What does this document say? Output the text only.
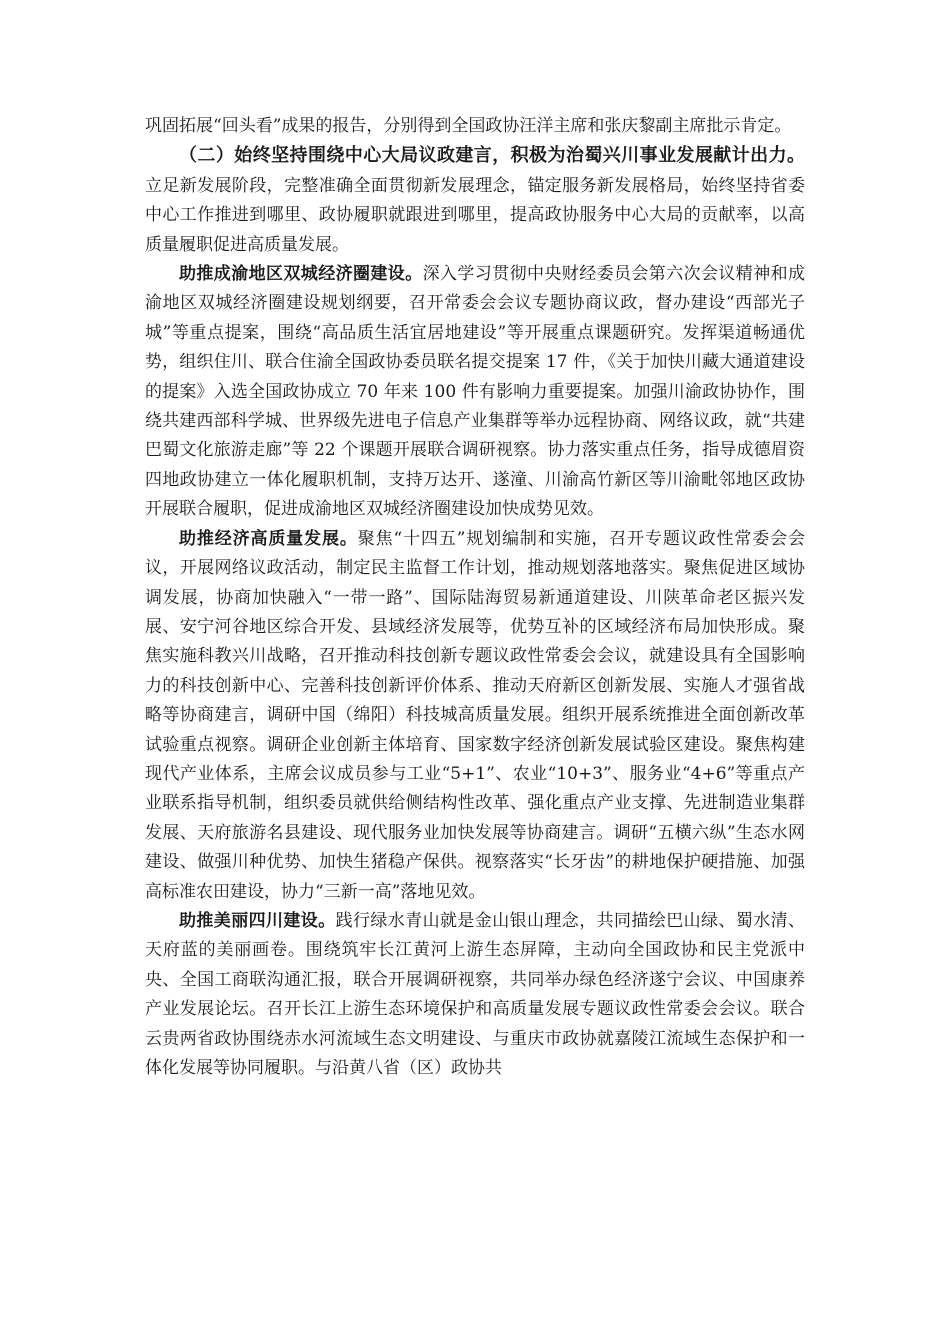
巩固拓展“回头看”成果的报告，分别得到全国政协汪洋主席和张庆黎副主席批示肯定。

（二）始终坚持围绕中心大局议政建言，积极为治蜀兴川事业发展献计出力。立足新发展阶段，完整准确全面贯彻新发展理念，锚定服务新发展格局，始终坚持省委中心工作推进到哪里、政协履职就跟进到哪里，提高政协服务中心大局的贡献率，以高质量履职促进高质量发展。

助推成渝地区双城经济圈建设。深入学习贯彻中央财经委员会第六次会议精神和成渝地区双城经济圈建设规划纲要，召开常委会会议专题协商议政，督办建设“西部光子城”等重点提案，围绕“高品质生活宜居地建设”等开展重点课题研究。发挥渠道畅通优势，组织住川、联合住渝全国政协委员联名提交提案 17 件，《关于加快川藏大通道建设的提案》入选全国政协成立 70 年来 100 件有影响力重要提案。加强川渝政协协作，围绕共建西部科学城、世界级先进电子信息产业集群等举办远程协商、网络议政，就“共建巴蜀文化旅游走廊”等 22 个课题开展联合调研视察。协力落实重点任务，指导成德眉资四地政协建立一体化履职机制，支持万达开、遂潼、川渝高竹新区等川渝毗邻地区政协开展联合履职，促进成渝地区双城经济圈建设加快成势见效。

助推经济高质量发展。聚焦“十四五”规划编制和实施，召开专题议政性常委会会议，开展网络议政活动，制定民主监督工作计划，推动规划落地落实。聚焦促进区域协调发展，协商加快融入“一带一路”、国际陆海贸易新通道建设、川陕革命老区振兴发展、安宁河谷地区综合开发、县域经济发展等，优势互补的区域经济布局加快形成。聚焦实施科教兴川战略，召开推动科技创新专题议政性常委会会议，就建设具有全国影响力的科技创新中心、完善科技创新评价体系、推动天府新区创新发展、实施人才强省战略等协商建言，调研中国（绵阳）科技城高质量发展。组织开展系统推进全面创新改革试验重点视察。调研企业创新主体培育、国家数字经济创新发展试验区建设。聚焦构建现代产业体系，主席会议成员参与工业“5+1”、农业“10+3”、服务业“4+6”等重点产业联系指导机制，组织委员就供给侧结构性改革、强化重点产业支撑、先进制造业集群发展、天府旅游名县建设、现代服务业加快发展等协商建言。调研“五横六纵”生态水网建设、做强川种优势、加快生猪稳产保供。视察落实“长牙齿”的耕地保护硬措施、加强高标准农田建设，协力“三新一高”落地见效。

助推美丽四川建设。践行绿水青山就是金山银山理念，共同描绘巴山绿、蜀水清、天府蓝的美丽画卷。围绕筑牢长江黄河上游生态屏障，主动向全国政协和民主党派中央、全国工商联沟通汇报，联合开展调研视察，共同举办绿色经济遂宁会议、中国康养产业发展论坛。召开长江上游生态环境保护和高质量发展专题议政性常委会会议。联合云贵两省政协围绕赤水河流域生态文明建设、与重庆市政协就嘉陵江流域生态保护和一体化发展等协同履职。与沿黄八省（区）政协共
